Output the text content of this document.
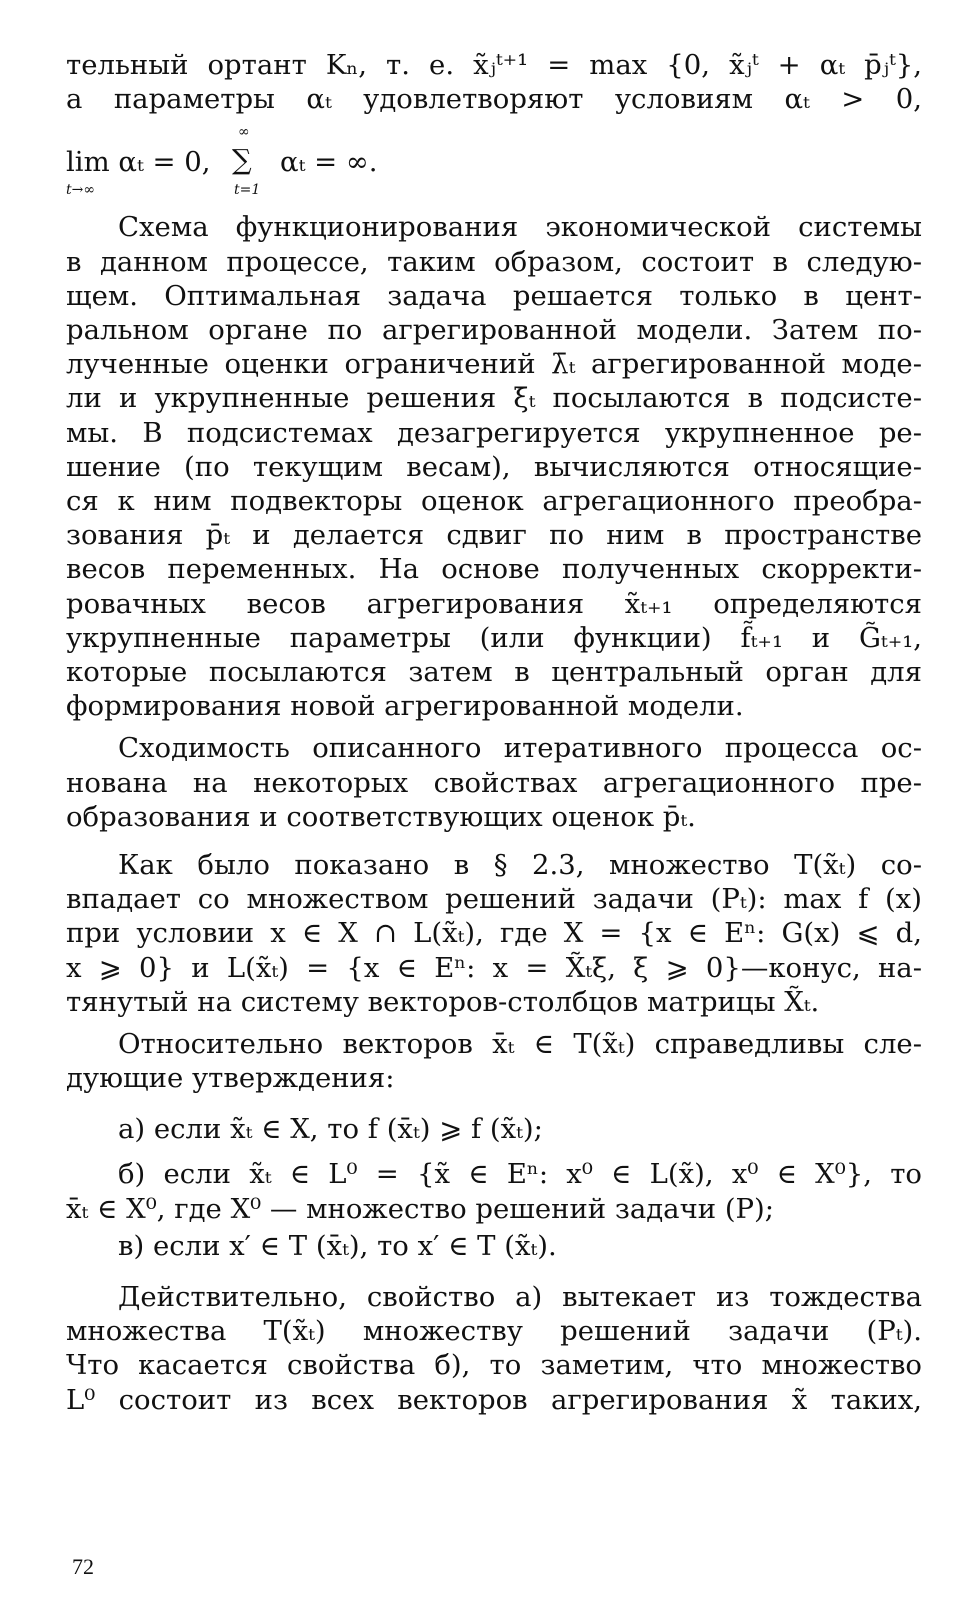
тельный ортант Kₙ, т. е. x̃ⱼᵗ⁺¹ = max {0, x̃ⱼᵗ + αₜ p̄ⱼᵗ},
а параметры αₜ удовлетворяют условиям αₜ > 0,
lim αₜ = 0,
t→∞
∞
∑
t=1
αₜ = ∞.
Схема функционирования экономической системы
в данном процессе, таким образом, состоит в следую-
щем. Оптимальная задача решается только в цент-
ральном органе по агрегированной модели. Затем по-
лученные оценки ограничений λ̄ₜ агрегированной моде-
ли и укрупненные решения ξ̄ₜ посылаются в подсисте-
мы. В подсистемах дезагрегируется укрупненное ре-
шение (по текущим весам), вычисляются относящие-
ся к ним подвекторы оценок агрегационного преобра-
зования p̄ₜ и делается сдвиг по ним в пространстве
весов переменных. На основе полученных скорректи-
ровачных весов агрегирования x̃ₜ₊₁ определяются
укрупненные параметры (или функции) f̃ₜ₊₁ и G̃ₜ₊₁,
которые посылаются затем в центральный орган для
формирования новой агрегированной модели.
Сходимость описанного итеративного процесса ос-
нована на некоторых свойствах агрегационного пре-
образования и соответствующих оценок p̄ₜ.
Как было показано в § 2.3, множество T(x̃ₜ) со-
впадает со множеством решений задачи (Pₜ): max f (x)
при условии x ∈ X ∩ L(x̃ₜ), где X = {x ∈ Eⁿ: G(x) ⩽ d,
x ⩾ 0} и L(x̃ₜ) = {x ∈ Eⁿ: x = X̃ₜξ, ξ ⩾ 0}—конус, на-
тянутый на систему векторов-столбцов матрицы X̃ₜ.
Относительно векторов x̄ₜ ∈ T(x̃ₜ) справедливы сле-
дующие утверждения:
а) если x̃ₜ ∈ X, то f (x̄ₜ) ⩾ f (x̃ₜ);
б) если x̃ₜ ∈ L⁰ = {x̃ ∈ Eⁿ: x⁰ ∈ L(x̃), x⁰ ∈ X⁰}, то
x̄ₜ ∈ X⁰, где X⁰ — множество решений задачи (P);
в) если x′ ∈ T (x̄ₜ), то x′ ∈ T (x̃ₜ).
Действительно, свойство а) вытекает из тождества
множества T(x̃ₜ) множеству решений задачи (Pₜ).
Что касается свойства б), то заметим, что множество
L⁰ состоит из всех векторов агрегирования x̃ таких,
72
